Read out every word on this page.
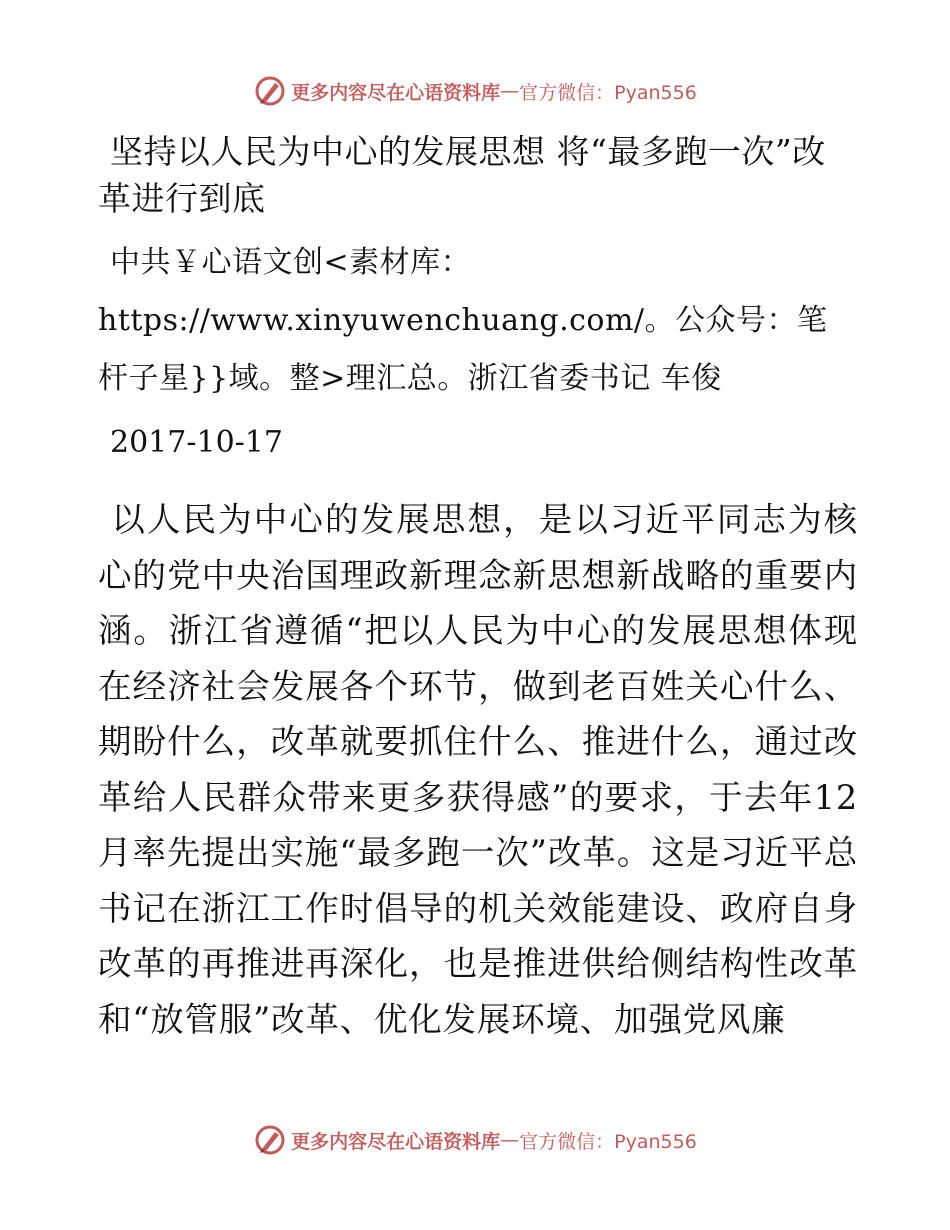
更多内容尽在心语资料库 — 官方微信：Pyan556
坚持以人民为中心的发展思想 将“最多跑一次”改革进行到底
中共￥心语文创<素材库：https://www.xinyuwenchuang.com/。公众号：笔杆子星}}域。整>理汇总。浙江省委书记 车俊
2017-10-17
以人民为中心的发展思想，是以习近平同志为核心的党中央治国理政新理念新思想新战略的重要内涵。浙江省遵循“把以人民为中心的发展思想体现在经济社会发展各个环节，做到老百姓关心什么、期盼什么，改革就要抓住什么、推进什么，通过改革给人民群众带来更多获得感”的要求，于去年12月率先提出实施“最多跑一次”改革。这是习近平总书记在浙江工作时倡导的机关效能建设、政府自身改革的再推进再深化，也是推进供给侧结构性改革和“放管服”改革、优化发展环境、加强党风廉
更多内容尽在心语资料库 — 官方微信：Pyan556
